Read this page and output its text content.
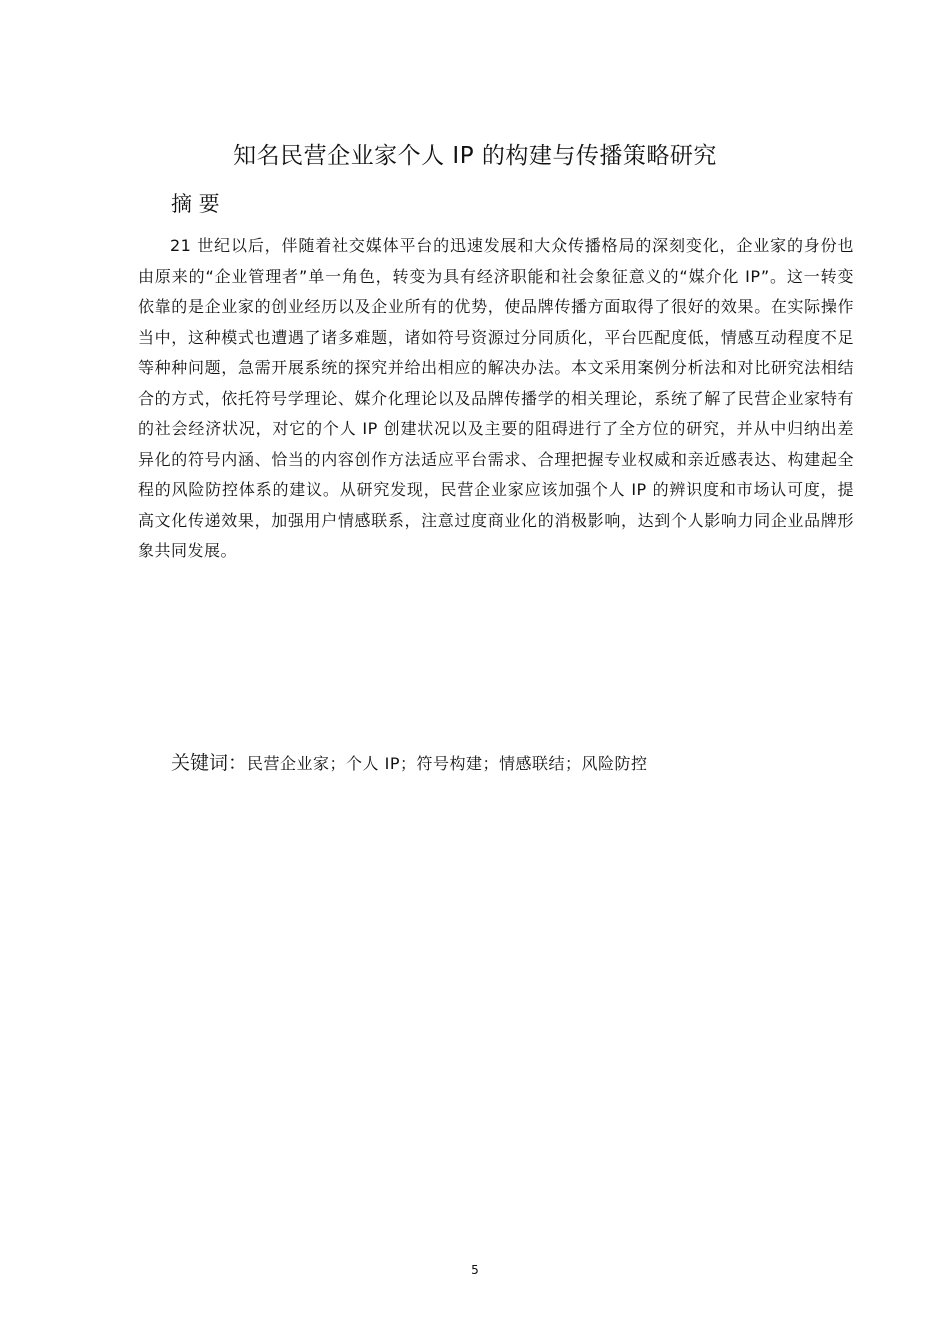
知名民营企业家个人 IP 的构建与传播策略研究
摘 要

21 世纪以后，伴随着社交媒体平台的迅速发展和大众传播格局的深刻变化，企业家的身份也由原来的“企业管理者”单一角色，转变为具有经济职能和社会象征意义的“媒介化 IP”。这一转变依靠的是企业家的创业经历以及企业所有的优势，使品牌传播方面取得了很好的效果。在实际操作当中，这种模式也遭遇了诸多难题，诸如符号资源过分同质化，平台匹配度低，情感互动程度不足等种种问题，急需开展系统的探究并给出相应的解决办法。本文采用案例分析法和对比研究法相结合的方式，依托符号学理论、媒介化理论以及品牌传播学的相关理论，系统了解了民营企业家特有的社会经济状况，对它的个人 IP 创建状况以及主要的阻碍进行了全方位的研究，并从中归纳出差异化的符号内涵、恰当的内容创作方法适应平台需求、合理把握专业权威和亲近感表达、构建起全程的风险防控体系的建议。从研究发现，民营企业家应该加强个人 IP 的辨识度和市场认可度，提高文化传递效果，加强用户情感联系，注意过度商业化的消极影响，达到个人影响力同企业品牌形象共同发展。

关键词：民营企业家；个人 IP；符号构建；情感联结；风险防控

5
